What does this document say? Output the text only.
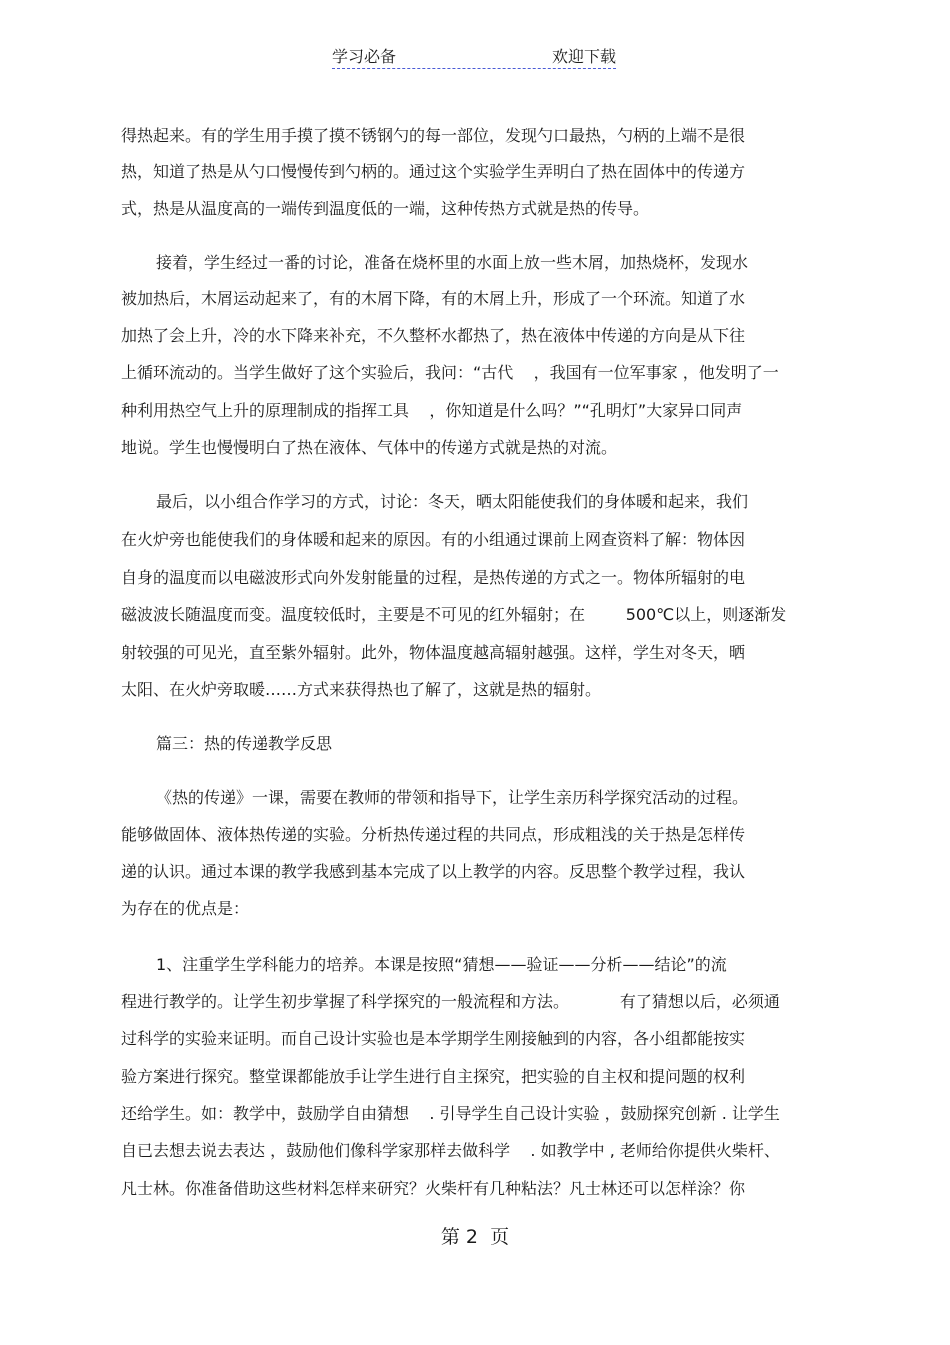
学习必备	欢迎下载
得热起来。有的学生用手摸了摸不锈钢勺的每一部位，发现勺口最热，勺柄的上端不是很
热，知道了热是从勺口慢慢传到勺柄的。通过这个实验学生弄明白了热在固体中的传递方
式，热是从温度高的一端传到温度低的一端，这种传热方式就是热的传导。
接着，学生经过一番的讨论，准备在烧杯里的水面上放一些木屑，加热烧杯，发现水
被加热后，木屑运动起来了，有的木屑下降，有的木屑上升，形成了一个环流。知道了水
加热了会上升，冷的水下降来补充，不久整杯水都热了，热在液体中传递的方向是从下往
上循环流动的。当学生做好了这个实验后，我问：“古代    ，我国有一位军事家 ，他发明了一
种利用热空气上升的原理制成的指挥工具    ，你知道是什么吗？”“孔明灯”大家异口同声
地说。学生也慢慢明白了热在液体、气体中的传递方式就是热的对流。
最后，以小组合作学习的方式，讨论：冬天，晒太阳能使我们的身体暖和起来，我们
在火炉旁也能使我们的身体暖和起来的原因。有的小组通过课前上网查资料了解：物体因
自身的温度而以电磁波形式向外发射能量的过程，是热传递的方式之一。物体所辐射的电
磁波波长随温度而变。温度较低时，主要是不可见的红外辐射；在        500℃以上，则逐渐发
射较强的可见光，直至紫外辐射。此外，物体温度越高辐射越强。这样，学生对冬天，晒
太阳、在火炉旁取暖……方式来获得热也了解了，这就是热的辐射。
篇三：热的传递教学反思
《热的传递》一课，需要在教师的带领和指导下，让学生亲历科学探究活动的过程。
能够做固体、液体热传递的实验。分析热传递过程的共同点，形成粗浅的关于热是怎样传
递的认识。通过本课的教学我感到基本完成了以上教学的内容。反思整个教学过程，我认
为存在的优点是：
1、注重学生学科能力的培养。本课是按照“猜想——验证——分析——结论”的流
程进行教学的。让学生初步掌握了科学探究的一般流程和方法。          有了猜想以后，必须通
过科学的实验来证明。而自己设计实验也是本学期学生刚接触到的内容，各小组都能按实
验方案进行探究。整堂课都能放手让学生进行自主探究，把实验的自主权和提问题的权利
还给学生。如：教学中，鼓励学自由猜想    . 引导学生自己设计实验 ，鼓励探究创新 . 让学生
自已去想去说去表达 ，鼓励他们像科学家那样去做科学    . 如教学中 , 老师给你提供火柴杆、
凡士林。你准备借助这些材料怎样来研究？火柴杆有几种粘法？凡士林还可以怎样涂？你
第 2  页
